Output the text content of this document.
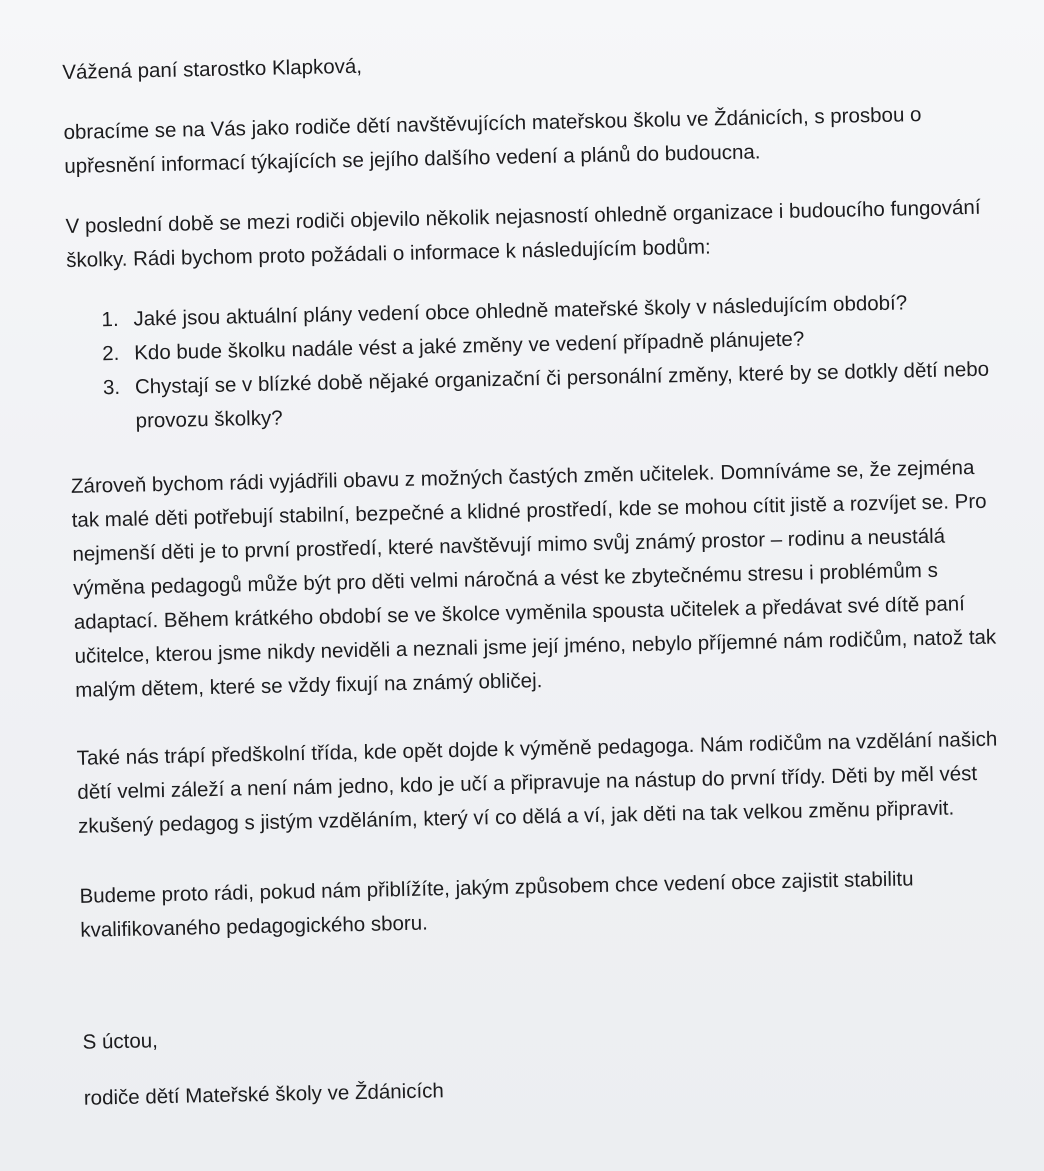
Vážená paní starostko Klapková,

obracíme se na Vás jako rodiče dětí navštěvujících mateřskou školu ve Ždánicích, s prosbou o upřesnění informací týkajících se jejího dalšího vedení a plánů do budoucna.

V poslední době se mezi rodiči objevilo několik nejasností ohledně organizace i budoucího fungování školky. Rádi bychom proto požádali o informace k následujícím bodům:

1. Jaké jsou aktuální plány vedení obce ohledně mateřské školy v následujícím období?
2. Kdo bude školku nadále vést a jaké změny ve vedení případně plánujete?
3. Chystají se v blízké době nějaké organizační či personální změny, které by se dotkly dětí nebo provozu školky?

Zároveň bychom rádi vyjádřili obavu z možných častých změn učitelek. Domníváme se, že zejména tak malé děti potřebují stabilní, bezpečné a klidné prostředí, kde se mohou cítit jistě a rozvíjet se. Pro nejmenší děti je to první prostředí, které navštěvují mimo svůj známý prostor – rodinu a neustálá výměna pedagogů může být pro děti velmi náročná a vést ke zbytečnému stresu i problémům s adaptací. Během krátkého období se ve školce vyměnila spousta učitelek a předávat své dítě paní učitelce, kterou jsme nikdy neviděli a neznali jsme její jméno, nebylo příjemné nám rodičům, natož tak malým dětem, které se vždy fixují na známý obličej.

Také nás trápí předškolní třída, kde opět dojde k výměně pedagoga. Nám rodičům na vzdělání našich dětí velmi záleží a není nám jedno, kdo je učí a připravuje na nástup do první třídy. Děti by měl vést zkušený pedagog s jistým vzděláním, který ví co dělá a ví, jak děti na tak velkou změnu připravit.

Budeme proto rádi, pokud nám přiblížíte, jakým způsobem chce vedení obce zajistit stabilitu kvalifikovaného pedagogického sboru.

S úctou,

rodiče dětí Mateřské školy ve Ždánicích
